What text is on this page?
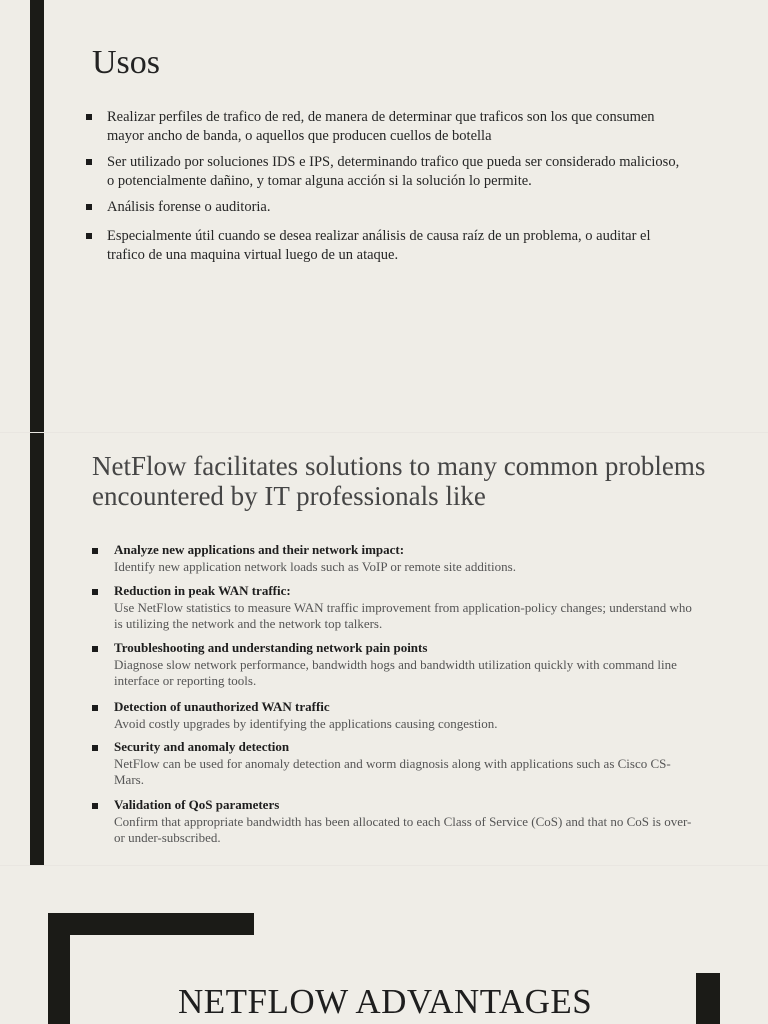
Usos
Realizar perfiles de trafico de red, de manera de determinar que traficos son los que consumen mayor ancho de banda, o aquellos que producen cuellos de botella
Ser utilizado por soluciones IDS e IPS, determinando trafico que pueda ser considerado malicioso, o potencialmente dañino, y tomar alguna acción si la solución lo permite.
Análisis forense o auditoria.
Especialmente útil cuando se desea realizar análisis de causa raíz de un problema, o auditar el trafico de una maquina virtual luego de un ataque.
NetFlow facilitates solutions to many common problems encountered by IT professionals like
Analyze new applications and their network impact:
Identify new application network loads such as VoIP or remote site additions.
Reduction in peak WAN traffic:
Use NetFlow statistics to measure WAN traffic improvement from application-policy changes; understand who is utilizing the network and the network top talkers.
Troubleshooting and understanding network pain points
Diagnose slow network performance, bandwidth hogs and bandwidth utilization quickly with command line interface or reporting tools.
Detection of unauthorized WAN traffic
Avoid costly upgrades by identifying the applications causing congestion.
Security and anomaly detection
NetFlow can be used for anomaly detection and worm diagnosis along with applications such as Cisco CS-Mars.
Validation of QoS parameters
Confirm that appropriate bandwidth has been allocated to each Class of Service (CoS) and that no CoS is over- or under-subscribed.
NETFLOW ADVANTAGES
